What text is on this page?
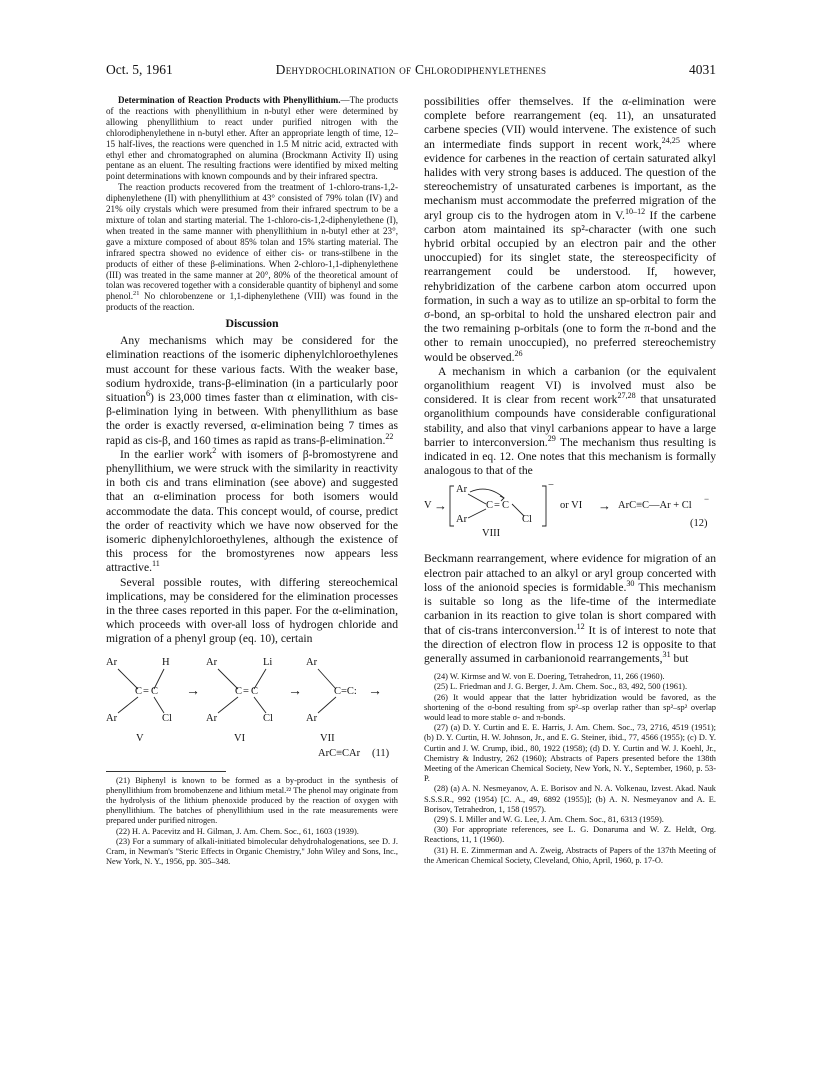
Oct. 5, 1961	Dehydrochlorination of Chlorodiphenylethenes	4031

Determination of Reaction Products with Phenyllithium.—The products of the reactions with phenyllithium in n-butyl ether were determined by allowing phenyllithium to react under purified nitrogen with the chlorodiphenylethene in n-butyl ether. After an appropriate length of time, 12–15 half-lives, the reactions were quenched in 1.5 M nitric acid, extracted with ethyl ether and chromatographed on alumina (Brockmann Activity II) using pentane as an eluent. The resulting fractions were identified by mixed melting point determinations with known compounds and by their infrared spectra.

The reaction products recovered from the treatment of 1-chloro-trans-1,2-diphenylethene (II) with phenyllithium at 43° consisted of 79% tolan (IV) and 21% oily crystals which were presumed from their infrared spectrum to be a mixture of tolan and starting material. The 1-chloro-cis-1,2-diphenylethene (I), when treated in the same manner with phenyllithium in n-butyl ether at 23°, gave a mixture composed of about 85% tolan and 15% starting material. The infrared spectra showed no evidence of either cis- or trans-stilbene in the products of either of these β-eliminations. When 2-chloro-1,1-diphenylethene (III) was treated in the same manner at 20°, 80% of the theoretical amount of tolan was recovered together with a considerable quantity of biphenyl and some phenol.$^{21}$ No chlorobenzene or 1,1-diphenylethene (VIII) was found in the products of the reaction.

Discussion

Any mechanisms which may be considered for the elimination reactions of the isomeric diphenylchloroethylenes must account for these various facts. With the weaker base, sodium hydroxide, trans-β-elimination (in a particularly poor situation$^6$) is 23,000 times faster than α elimination, with cis-β-elimination lying in between. With phenyllithium as base the order is exactly reversed, α-elimination being 7 times as rapid as cis-β, and 160 times as rapid as trans-β-elimination.$^{22}$

In the earlier work$^2$ with isomers of β-bromostyrene and phenyllithium, we were struck with the similarity in reactivity in both cis and trans elimination (see above) and suggested that an α-elimination process for both isomers would accommodate the data. This concept would, of course, predict the order of reactivity which we have now observed for the isomeric diphenylchloroethylenes, although the existence of this process for the bromostyrenes now appears less attractive.$^{11}$

Several possible routes, with differing stereochemical implications, may be considered for the elimination processes in the three cases reported in this paper. For the α-elimination, which proceeds with over-all loss of hydrogen chloride and migration of a phenyl group (eq. 10), certain

Ar	H
C = C
Ar	Cl
V
→
Ar	Li
C = C
Ar	Cl
VI
→
Ar
C=C: →
Ar
VII
ArC≡CAr (11)

(21) Biphenyl is known to be formed as a by-product in the synthesis of phenyllithium from bromobenzene and lithium metal.²² The phenol may originate from the hydrolysis of the lithium phenoxide produced by the reaction of oxygen with phenyllithium. The batches of phenyllithium used in the rate measurements were prepared under purified nitrogen.

(22) H. A. Pacevitz and H. Gilman, J. Am. Chem. Soc., 61, 1603 (1939).

(23) For a summary of alkali-initiated bimolecular dehydrohalogenations, see D. J. Cram, in Newman's "Steric Effects in Organic Chemistry," John Wiley and Sons, Inc., New York, N. Y., 1956, pp. 305–348.

possibilities offer themselves. If the α-elimination were complete before rearrangement (eq. 11), an unsaturated carbene species (VII) would intervene. The existence of such an intermediate finds support in recent work,$^{24,25}$ where evidence for carbenes in the reaction of certain saturated alkyl halides with very strong bases is adduced. The question of the stereochemistry of unsaturated carbenes is important, as the mechanism must accommodate the preferred migration of the aryl group cis to the hydrogen atom in V.$^{10-12}$ If the carbene carbon atom maintained its sp²-character (with one such hybrid orbital occupied by an electron pair and the other unoccupied) for its singlet state, the stereospecificity of rearrangement could be understood. If, however, rehybridization of the carbene carbon atom occurred upon formation, in such a way as to utilize an sp-orbital to form the σ-bond, an sp-orbital to hold the unshared electron pair and the two remaining p-orbitals (one to form the π-bond and the other to remain unoccupied), no preferred stereochemistry would be observed.$^{26}$

A mechanism in which a carbanion (or the equivalent organolithium reagent VI) is involved must also be considered. It is clear from recent work$^{27,28}$ that unsaturated organolithium compounds have considerable configurational stability, and also that vinyl carbanions appear to have a large barrier to interconversion.$^{29}$ The mechanism thus resulting is indicated in eq. 12. One notes that this mechanism is formally analogous to that of the

V →
Ar
C = C
Ar	Cl
−
VIII
or VI → ArC≡C—Ar + Cl
−
(12)

Beckmann rearrangement, where evidence for migration of an electron pair attached to an alkyl or aryl group concerted with loss of the anionoid species is formidable.$^{30}$ This mechanism is suitable so long as the life-time of the intermediate carbanion in its reaction to give tolan is short compared with that of cis-trans interconversion.$^{12}$ It is of interest to note that the direction of electron flow in process 12 is opposite to that generally assumed in carbanionoid rearrangements,$^{31}$ but

(24) W. Kirmse and W. von E. Doering, Tetrahedron, 11, 266 (1960).

(25) L. Friedman and J. G. Berger, J. Am. Chem. Soc., 83, 492, 500 (1961).

(26) It would appear that the latter hybridization would be favored, as the shortening of the σ-bond resulting from sp²–sp overlap rather than sp²–sp² overlap would lead to more stable σ- and π-bonds.

(27) (a) D. Y. Curtin and E. E. Harris, J. Am. Chem. Soc., 73, 2716, 4519 (1951); (b) D. Y. Curtin, H. W. Johnson, Jr., and E. G. Steiner, ibid., 77, 4566 (1955); (c) D. Y. Curtin and J. W. Crump, ibid., 80, 1922 (1958); (d) D. Y. Curtin and W. J. Koehl, Jr., Chemistry & Industry, 262 (1960); Abstracts of Papers presented before the 138th Meeting of the American Chemical Society, New York, N. Y., September, 1960, p. 53-P.

(28) (a) A. N. Nesmeyanov, A. E. Borisov and N. A. Volkenau, Izvest. Akad. Nauk S.S.S.R., 992 (1954) [C. A., 49, 6892 (1955)]; (b) A. N. Nesmeyanov and A. E. Borisov, Tetrahedron, 1, 158 (1957).

(29) S. I. Miller and W. G. Lee, J. Am. Chem. Soc., 81, 6313 (1959).

(30) For appropriate references, see L. G. Donaruma and W. Z. Heldt, Org. Reactions, 11, 1 (1960).

(31) H. E. Zimmerman and A. Zweig, Abstracts of Papers of the 137th Meeting of the American Chemical Society, Cleveland, Ohio, April, 1960, p. 17-O.
